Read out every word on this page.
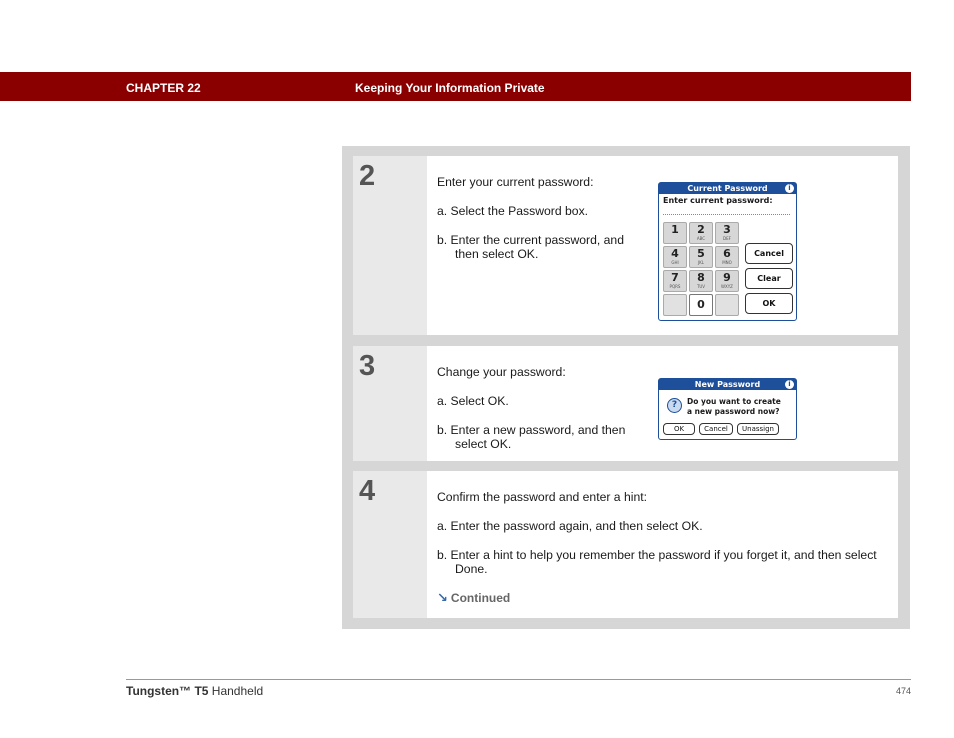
CHAPTER 22	Keeping Your Information Private
2	Enter your current password:

a. Select the Password box.

b. Enter the current password, and then select OK.

Current Password	i
Enter current password:
1	2
ABC
3
DEF
4
GHI
5
JKL
6
MNO
7
PQRS
8
TUV
9
WXYZ
0
Cancel
Clear
OK
3	Change your password:

a. Select OK.

b. Enter a new password, and then select OK.

New Password	i
?	Do you want to create
a new password now?
OK	Cancel	Unassign
4	Confirm the password and enter a hint:

a. Enter the password again, and then select OK.

b. Enter a hint to help you remember the password if you forget it, and then select Done.

↘ Continued

Tungsten™ T5 Handheld	474
